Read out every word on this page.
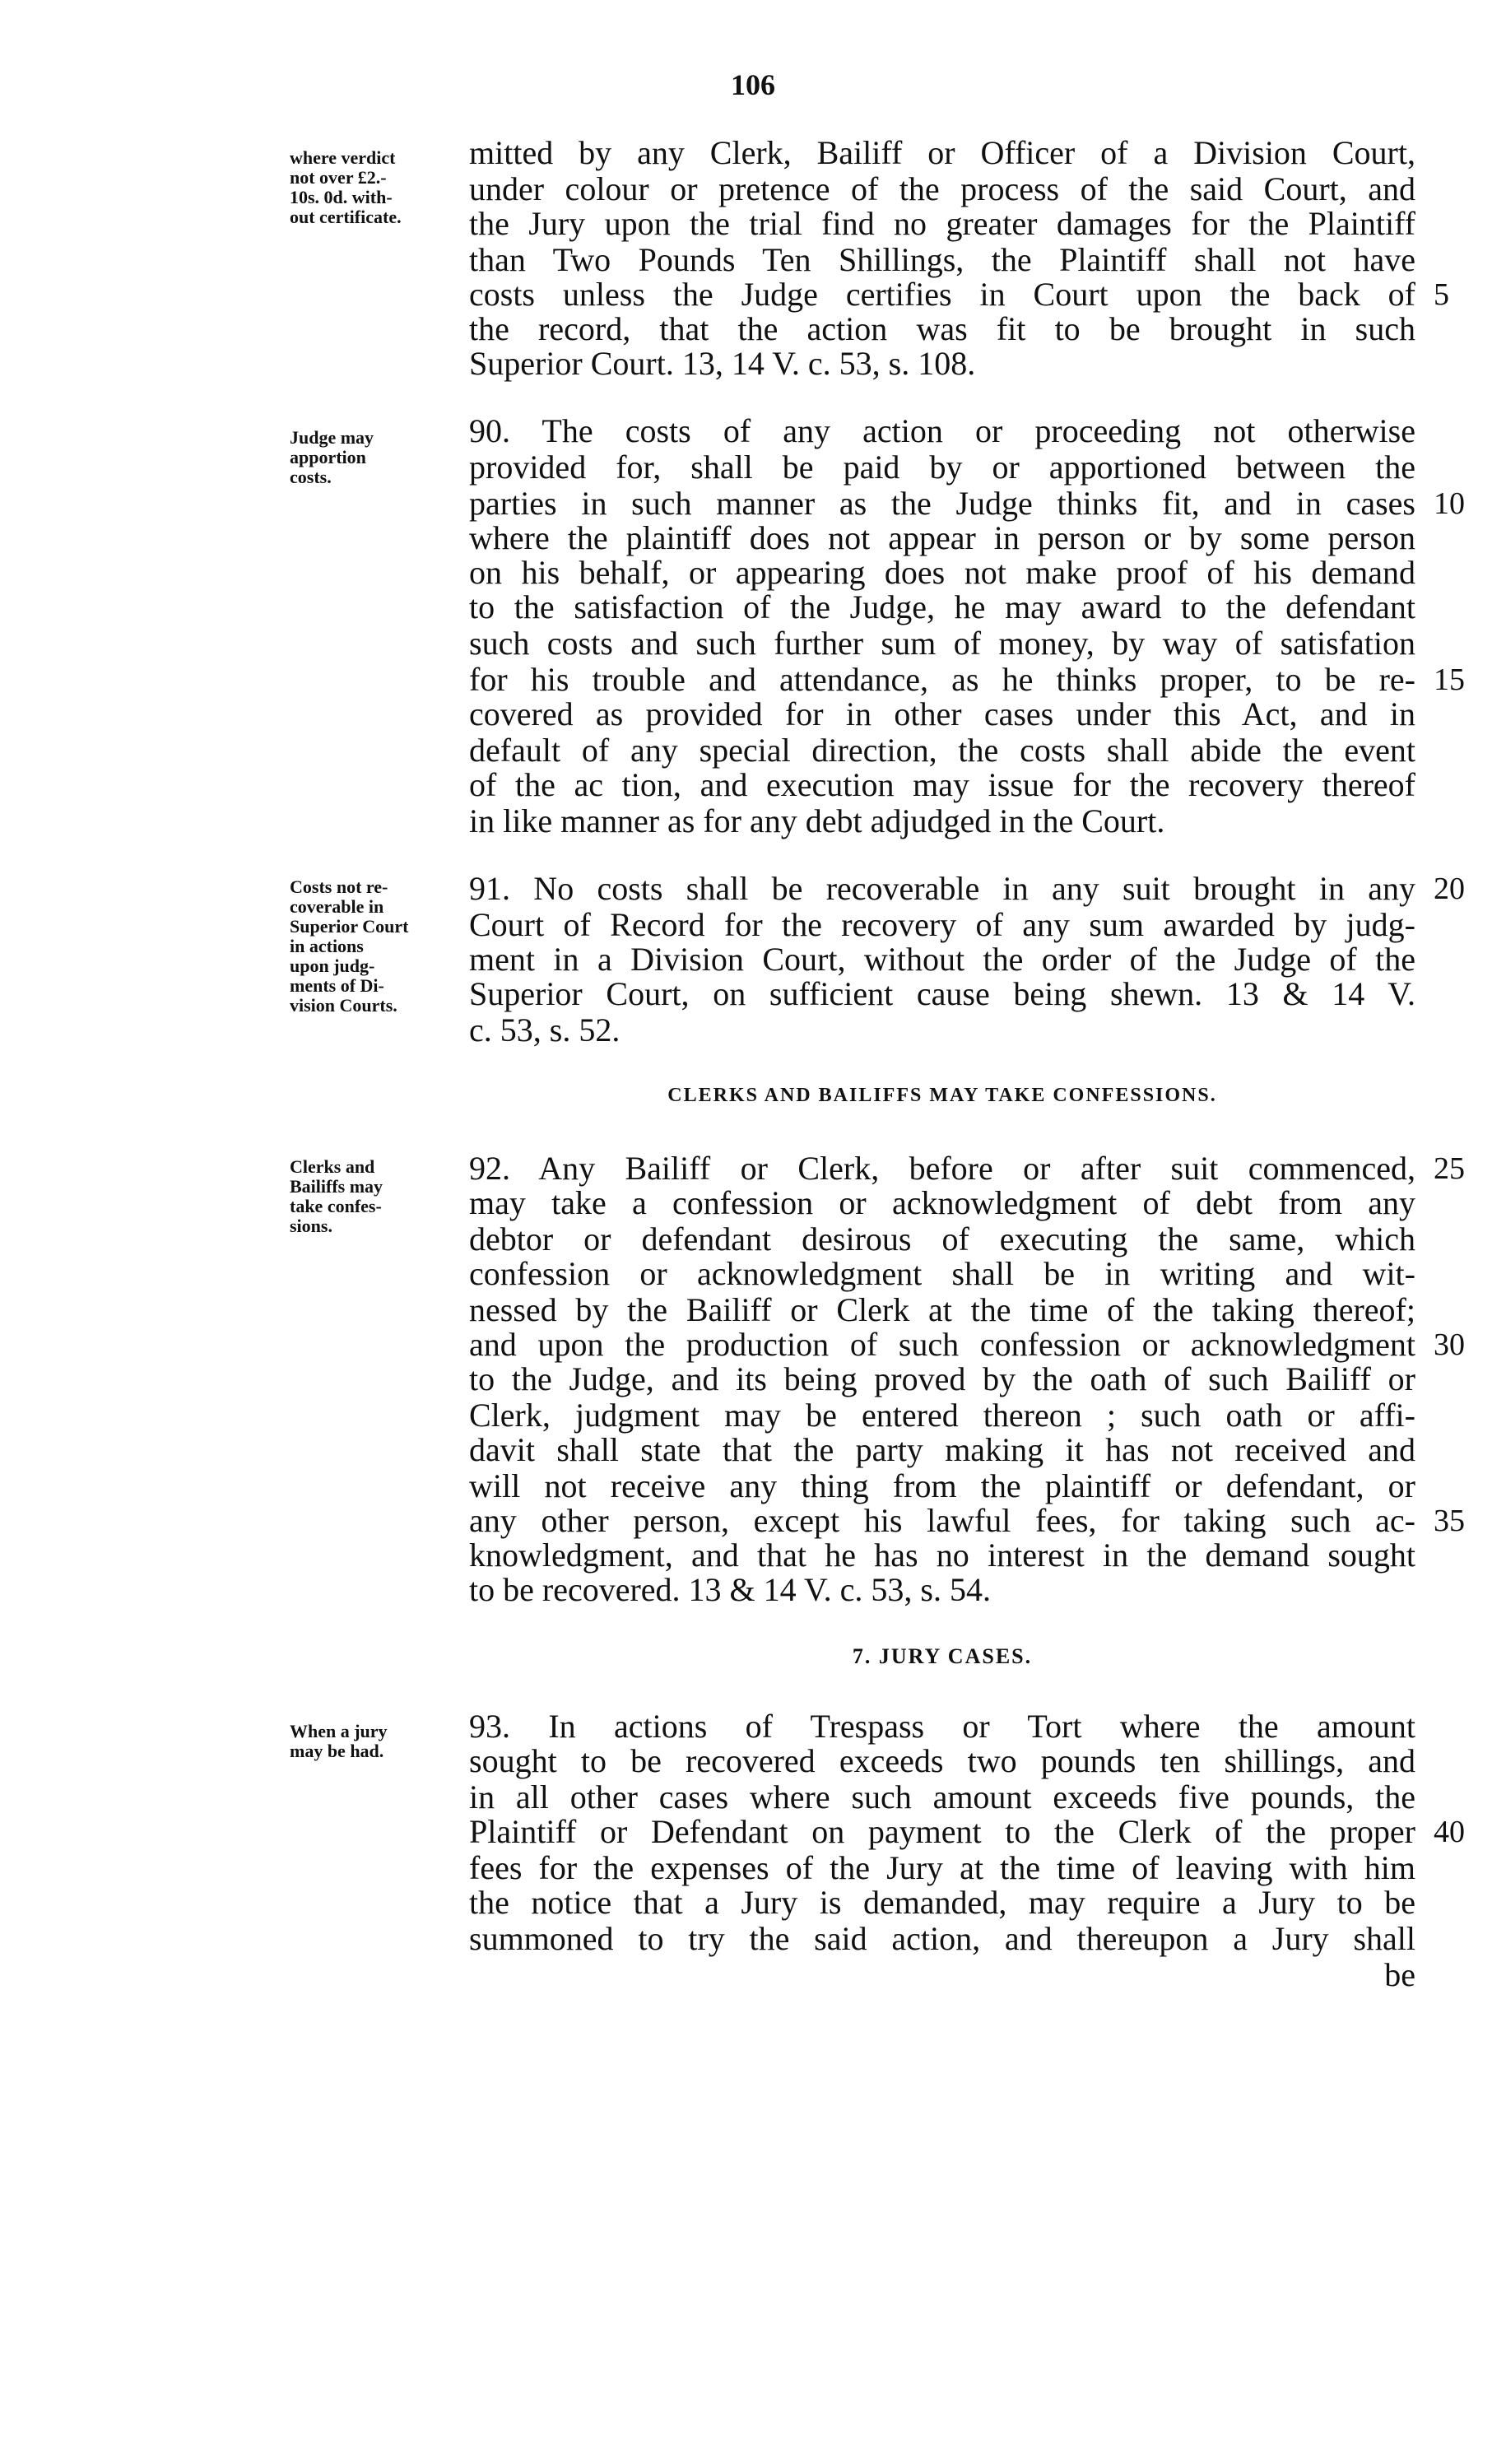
106
where verdict
not over £2.-
10s. 0d. with-
out certificate.
Judge may
apportion
costs.
Costs not re-
coverable in
Superior Court
in actions
upon judg-
ments of Di-
vision Courts.
Clerks and
Bailiffs may
take confes-
sions.
When a jury
may be had.
mitted by any Clerk, Bailiff or Officer of a Division Court,
under colour or pretence of the process of the said Court, and
the Jury upon the trial find no greater damages for the Plaintiff
than Two Pounds Ten Shillings, the Plaintiff shall not have
costs unless the Judge certifies in Court upon the back of
the record, that the action was fit to be brought in such
Superior Court. 13, 14 V. c. 53, s. 108.
90. The costs of any action or proceeding not otherwise
provided for, shall be paid by or apportioned between the
parties in such manner as the Judge thinks fit, and in cases
where the plaintiff does not appear in person or by some person
on his behalf, or appearing does not make proof of his demand
to the satisfaction of the Judge, he may award to the defendant
such costs and such further sum of money, by way of satisfation
for his trouble and attendance, as he thinks proper, to be re-
covered as provided for in other cases under this Act, and in
default of any special direction, the costs shall abide the event
of the ac tion, and execution may issue for the recovery thereof
in like manner as for any debt adjudged in the Court.
91. No costs shall be recoverable in any suit brought in any
Court of Record for the recovery of any sum awarded by judg-
ment in a Division Court, without the order of the Judge of the
Superior Court, on sufficient cause being shewn. 13 & 14 V.
c. 53, s. 52.
CLERKS AND BAILIFFS MAY TAKE CONFESSIONS.
92. Any Bailiff or Clerk, before or after suit commenced,
may take a confession or acknowledgment of debt from any
debtor or defendant desirous of executing the same, which
confession or acknowledgment shall be in writing and wit-
nessed by the Bailiff or Clerk at the time of the taking thereof;
and upon the production of such confession or acknowledgment
to the Judge, and its being proved by the oath of such Bailiff or
Clerk, judgment may be entered thereon ; such oath or affi-
davit shall state that the party making it has not received and
will not receive any thing from the plaintiff or defendant, or
any other person, except his lawful fees, for taking such ac-
knowledgment, and that he has no interest in the demand sought
to be recovered. 13 & 14 V. c. 53, s. 54.
7. JURY CASES.
93. In actions of Trespass or Tort where the amount
sought to be recovered exceeds two pounds ten shillings, and
in all other cases where such amount exceeds five pounds, the
Plaintiff or Defendant on payment to the Clerk of the proper
fees for the expenses of the Jury at the time of leaving with him
the notice that a Jury is demanded, may require a Jury to be
summoned to try the said action, and thereupon a Jury shall
be
5
10
15
20
25
30
35
40
